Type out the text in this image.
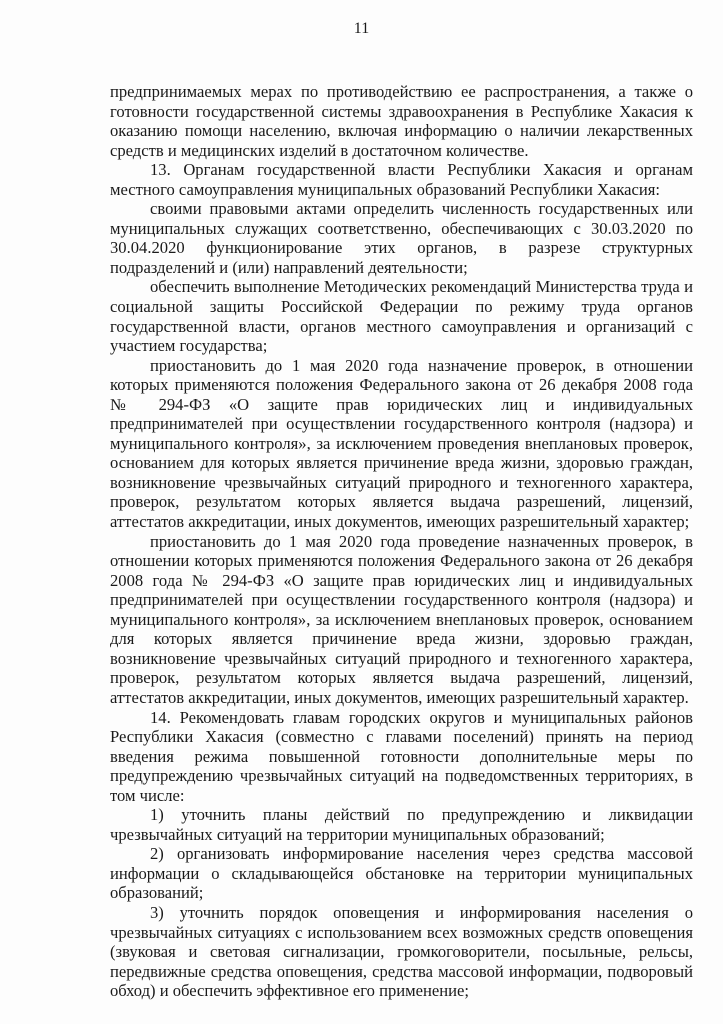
11

предпринимаемых мерах по противодействию ее распространения, а также о готовности государственной системы здравоохранения в Республике Хакасия к оказанию помощи населению, включая информацию о наличии лекарственных средств и медицинских изделий в достаточном количестве.

13. Органам государственной власти Республики Хакасия и органам местного самоуправления муниципальных образований Республики Хакасия:

своими правовыми актами определить численность государственных или муниципальных служащих соответственно, обеспечивающих с 30.03.2020 по 30.04.2020 функционирование этих органов, в разрезе структурных подразделений и (или) направлений деятельности;

обеспечить выполнение Методических рекомендаций Министерства труда и социальной защиты Российской Федерации по режиму труда органов государственной власти, органов местного самоуправления и организаций с участием государства;

приостановить до 1 мая 2020 года назначение проверок, в отношении которых применяются положения Федерального закона от 26 декабря 2008 года № 294-ФЗ «О защите прав юридических лиц и индивидуальных предпринимателей при осуществлении государственного контроля (надзора) и муниципального контроля», за исключением проведения внеплановых проверок, основанием для которых является причинение вреда жизни, здоровью граждан, возникновение чрезвычайных ситуаций природного и техногенного характера, проверок, результатом которых является выдача разрешений, лицензий, аттестатов аккредитации, иных документов, имеющих разрешительный характер;

приостановить до 1 мая 2020 года проведение назначенных проверок, в отношении которых применяются положения Федерального закона от 26 декабря 2008 года № 294-ФЗ «О защите прав юридических лиц и индивидуальных предпринимателей при осуществлении государственного контроля (надзора) и муниципального контроля», за исключением внеплановых проверок, основанием для которых является причинение вреда жизни, здоровью граждан, возникновение чрезвычайных ситуаций природного и техногенного характера, проверок, результатом которых является выдача разрешений, лицензий, аттестатов аккредитации, иных документов, имеющих разрешительный характер.

14. Рекомендовать главам городских округов и муниципальных районов Республики Хакасия (совместно с главами поселений) принять на период введения режима повышенной готовности дополнительные меры по предупреждению чрезвычайных ситуаций на подведомственных территориях, в том числе:

1) уточнить планы действий по предупреждению и ликвидации чрезвычайных ситуаций на территории муниципальных образований;

2) организовать информирование населения через средства массовой информации о складывающейся обстановке на территории муниципальных образований;

3) уточнить порядок оповещения и информирования населения о чрезвычайных ситуациях с использованием всех возможных средств оповещения (звуковая и световая сигнализации, громкоговорители, посыльные, рельсы, передвижные средства оповещения, средства массовой информации, подворовый обход) и обеспечить эффективное его применение;
